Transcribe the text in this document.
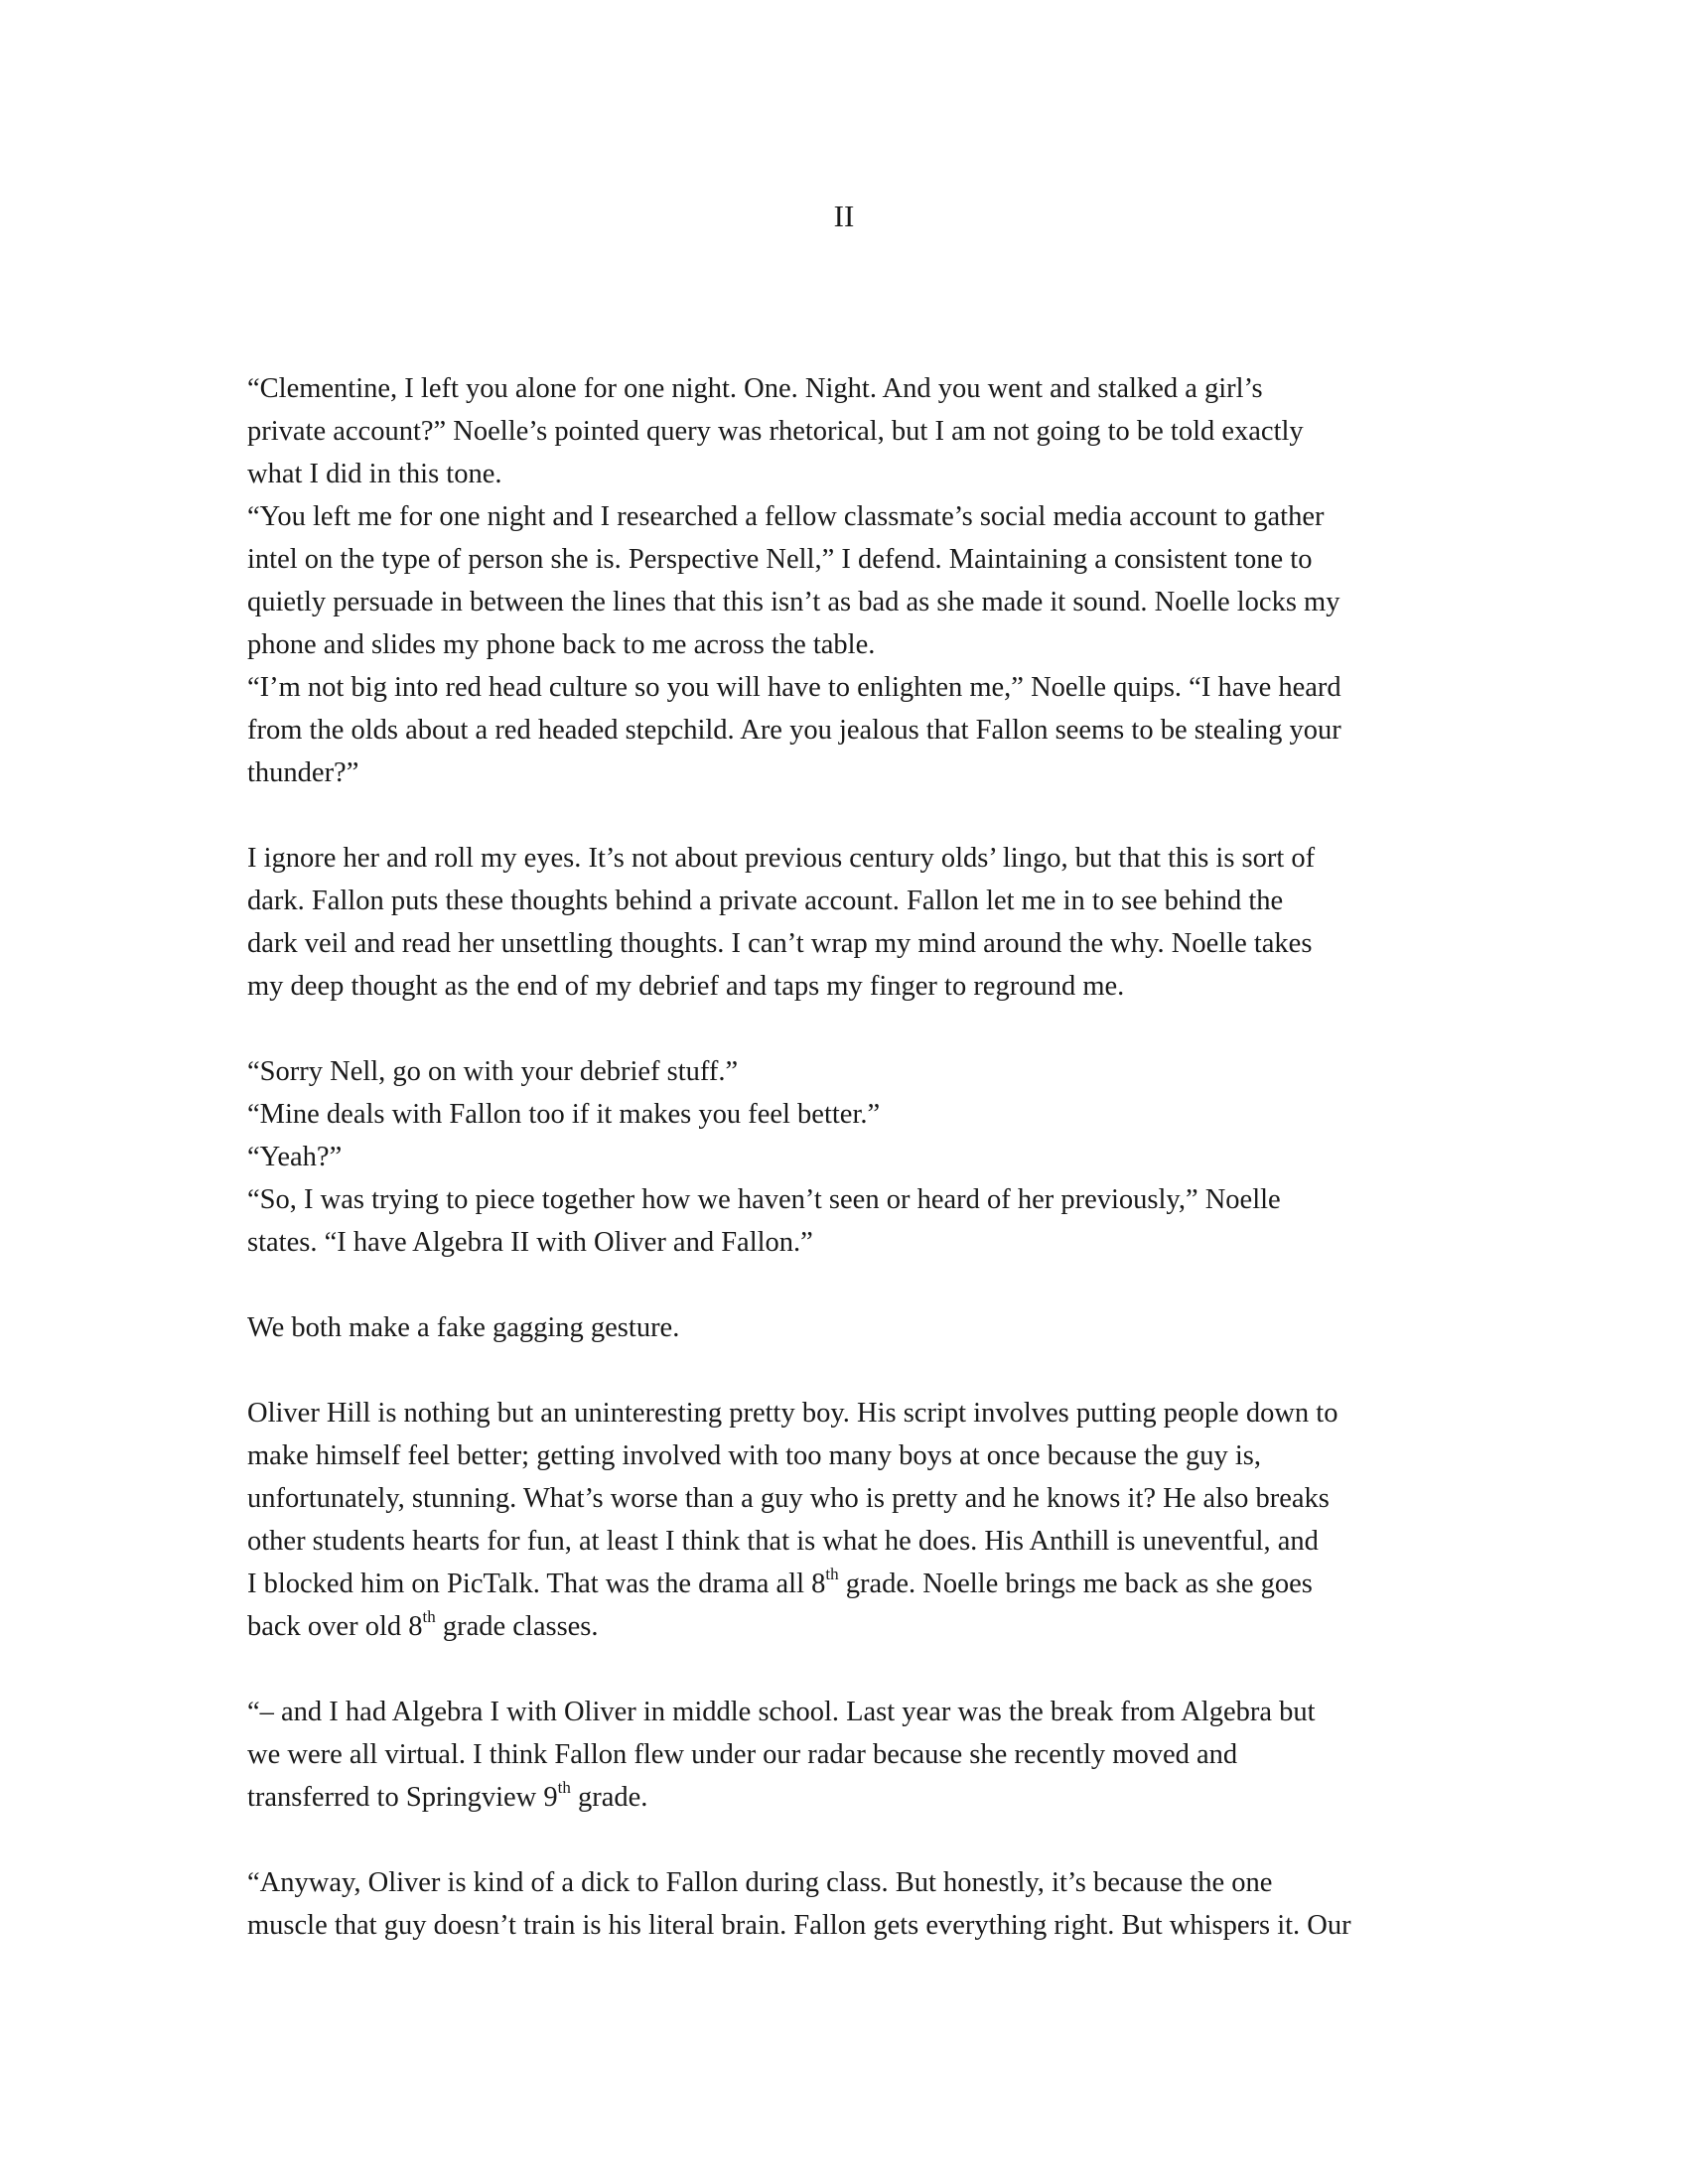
II
“Clementine, I left you alone for one night. One. Night. And you went and stalked a girl’s
private account?” Noelle’s pointed query was rhetorical, but I am not going to be told exactly
what I did in this tone.
“You left me for one night and I researched a fellow classmate’s social media account to gather
intel on the type of person she is. Perspective Nell,” I defend. Maintaining a consistent tone to
quietly persuade in between the lines that this isn’t as bad as she made it sound. Noelle locks my
phone and slides my phone back to me across the table.
“I’m not big into red head culture so you will have to enlighten me,” Noelle quips. “I have heard
from the olds about a red headed stepchild. Are you jealous that Fallon seems to be stealing your
thunder?”
I ignore her and roll my eyes. It’s not about previous century olds’ lingo, but that this is sort of
dark. Fallon puts these thoughts behind a private account. Fallon let me in to see behind the
dark veil and read her unsettling thoughts. I can’t wrap my mind around the why. Noelle takes
my deep thought as the end of my debrief and taps my finger to reground me.
“Sorry Nell, go on with your debrief stuff.”
“Mine deals with Fallon too if it makes you feel better.”
“Yeah?”
“So, I was trying to piece together how we haven’t seen or heard of her previously,” Noelle
states. “I have Algebra II with Oliver and Fallon.”
We both make a fake gagging gesture.
Oliver Hill is nothing but an uninteresting pretty boy. His script involves putting people down to
make himself feel better; getting involved with too many boys at once because the guy is,
unfortunately, stunning. What’s worse than a guy who is pretty and he knows it? He also breaks
other students hearts for fun, at least I think that is what he does. His Anthill is uneventful, and
I blocked him on PicTalk. That was the drama all 8th grade. Noelle brings me back as she goes
back over old 8th grade classes.
“– and I had Algebra I with Oliver in middle school. Last year was the break from Algebra but
we were all virtual. I think Fallon flew under our radar because she recently moved and
transferred to Springview 9th grade.
“Anyway, Oliver is kind of a dick to Fallon during class. But honestly, it’s because the one
muscle that guy doesn’t train is his literal brain. Fallon gets everything right. But whispers it. Our
